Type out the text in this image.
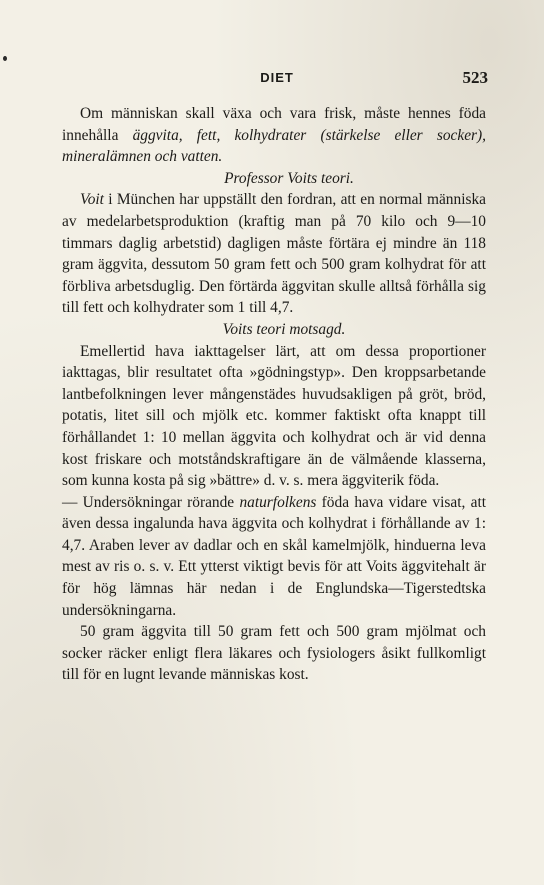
DIET	523

Om människan skall växa och vara frisk, måste hennes föda innehålla äggvita, fett, kolhydrater (stärkelse eller socker), mineralämnen och vatten.

Professor Voits teori.

Voit i München har uppställt den fordran, att en normal människa av medelarbetsproduktion (kraftig man på 70 kilo och 9—10 timmars daglig arbetstid) dagligen måste förtära ej mindre än 118 gram äggvita, dessutom 50 gram fett och 500 gram kolhydrat för att förbliva arbetsduglig. Den förtärda äggvitan skulle alltså förhålla sig till fett och kolhydrater som 1 till 4,7.

Voits teori motsagd.

Emellertid hava iakttagelser lärt, att om dessa proportioner iakttagas, blir resultatet ofta »gödningstyp». Den kroppsarbetande lantbefolkningen lever mångenstädes huvudsakligen på gröt, bröd, potatis, litet sill och mjölk etc. kommer faktiskt ofta knappt till förhållandet 1: 10 mellan äggvita och kolhydrat och är vid denna kost friskare och motståndskraftigare än de välmående klasserna, som kunna kosta på sig »bättre» d. v. s. mera äggviterik föda.

— Undersökningar rörande naturfolkens föda hava vidare visat, att även dessa ingalunda hava äggvita och kolhydrat i förhållande av 1: 4,7. Araben lever av dadlar och en skål kamelmjölk, hinduerna leva mest av ris o. s. v. Ett ytterst viktigt bevis för att Voits äggvitehalt är för hög lämnas här nedan i de Englundska—Tigerstedtska undersökningarna.

50 gram äggvita till 50 gram fett och 500 gram mjölmat och socker räcker enligt flera läkares och fysiologers åsikt fullkomligt till för en lugnt levande människas kost.
